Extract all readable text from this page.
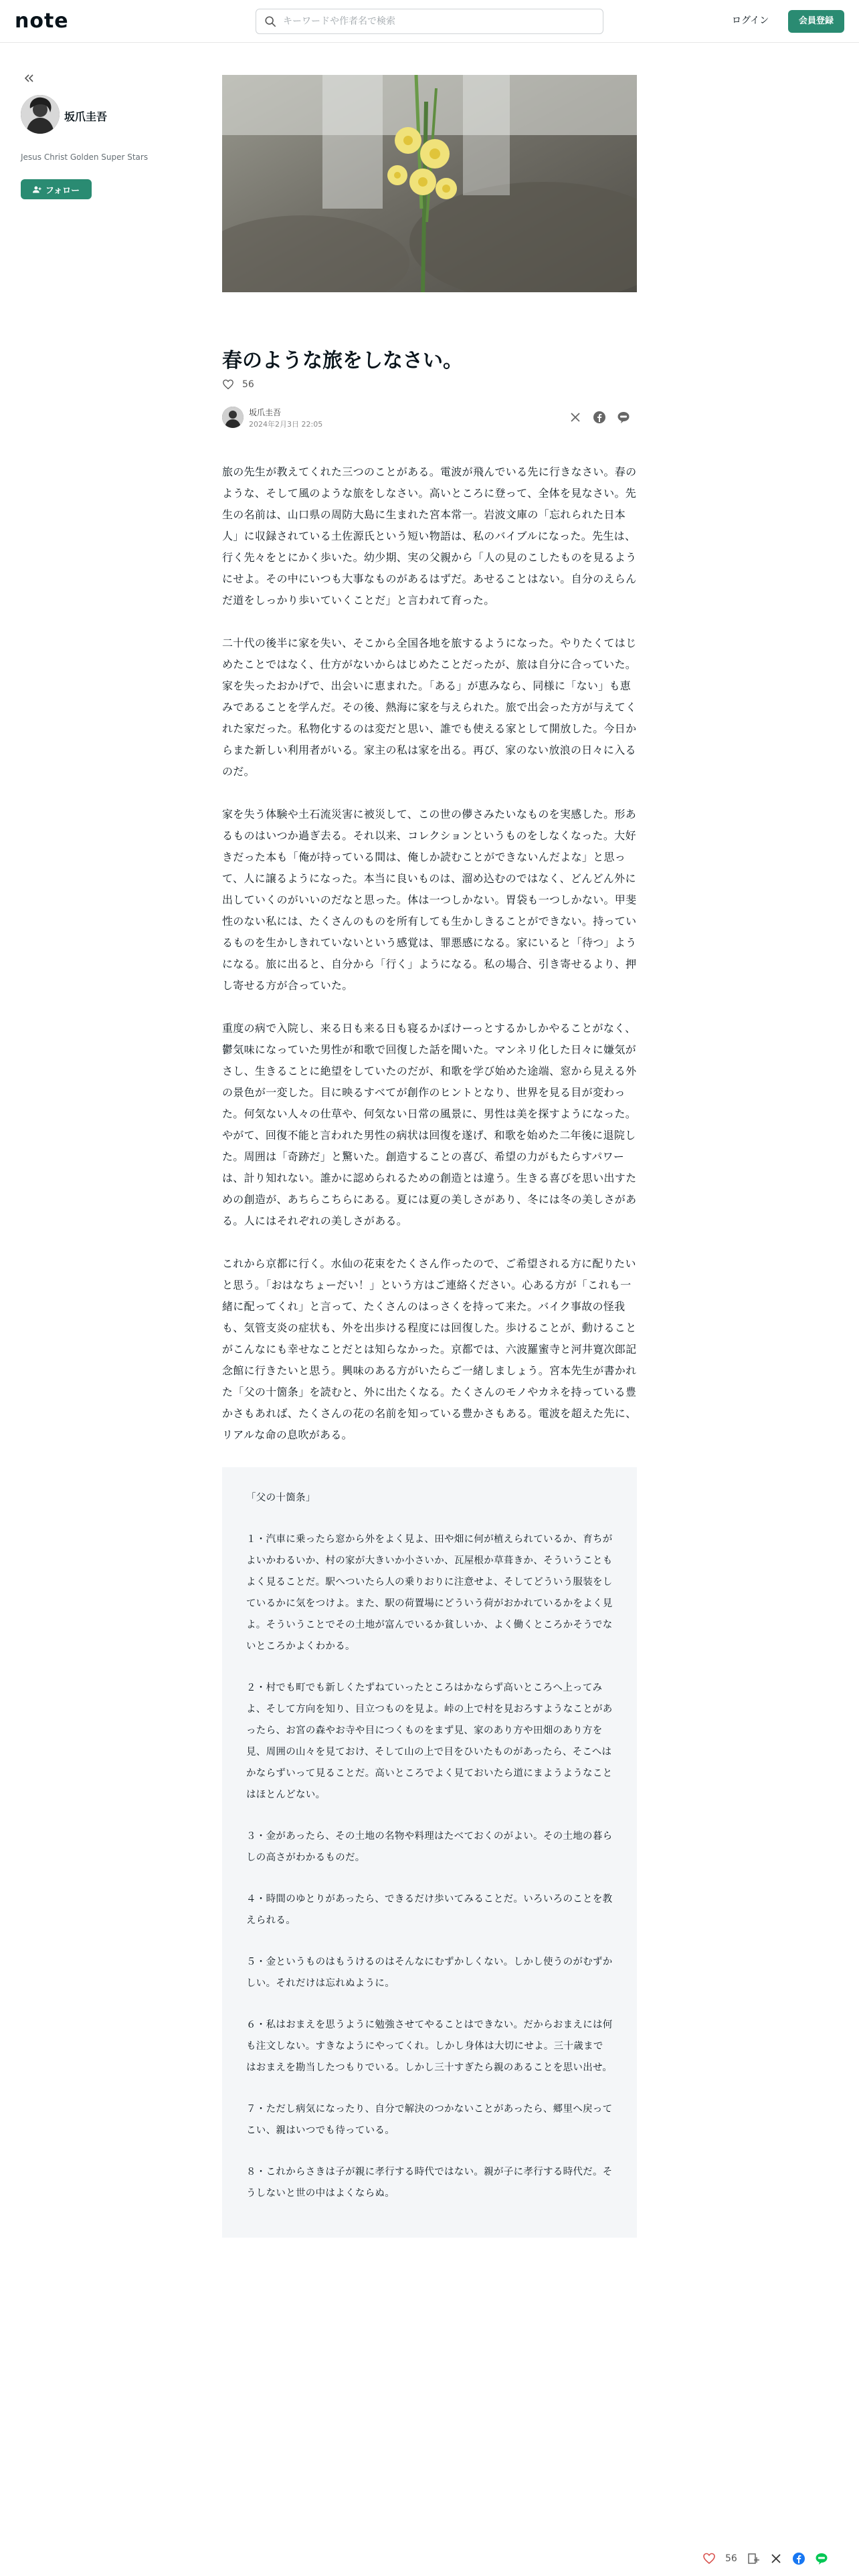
note
キーワードや作者名で検索	ログイン	会員登録
坂爪圭吾
Jesus Christ Golden Super Stars
フォロー
春のような旅をしなさい。
56
坂爪圭吾
2024年2月3日 22:05

旅の先生が教えてくれた三つのことがある。電波が飛んでいる先に行きなさい。春のような、そして風のような旅をしなさい。高いところに登って、全体を見なさい。先生の名前は、山口県の周防大島に生まれた宮本常一。岩波文庫の「忘れられた日本人」に収録されている土佐源氏という短い物語は、私のバイブルになった。先生は、行く先々をとにかく歩いた。幼少期、実の父親から「人の見のこしたものを見るようにせよ。その中にいつも大事なものがあるはずだ。あせることはない。自分のえらんだ道をしっかり歩いていくことだ」と言われて育った。

二十代の後半に家を失い、そこから全国各地を旅するようになった。やりたくてはじめたことではなく、仕方がないからはじめたことだったが、旅は自分に合っていた。家を失ったおかげで、出会いに恵まれた。「ある」が恵みなら、同様に「ない」も恵みであることを学んだ。その後、熱海に家を与えられた。旅で出会った方が与えてくれた家だった。私物化するのは変だと思い、誰でも使える家として開放した。今日からまた新しい利用者がいる。家主の私は家を出る。再び、家のない放浪の日々に入るのだ。

家を失う体験や土石流災害に被災して、この世の儚さみたいなものを実感した。形あるものはいつか過ぎ去る。それ以来、コレクションというものをしなくなった。大好きだった本も「俺が持っている間は、俺しか読むことができないんだよな」と思って、人に譲るようになった。本当に良いものは、溜め込むのではなく、どんどん外に出していくのがいいのだなと思った。体は一つしかない。胃袋も一つしかない。甲斐性のない私には、たくさんのものを所有しても生かしきることができない。持っているものを生かしきれていないという感覚は、罪悪感になる。家にいると「待つ」ようになる。旅に出ると、自分から「行く」ようになる。私の場合、引き寄せるより、押し寄せる方が合っていた。

重度の病で入院し、来る日も来る日も寝るかぼけーっとするかしかやることがなく、鬱気味になっていた男性が和歌で回復した話を聞いた。マンネリ化した日々に嫌気がさし、生きることに絶望をしていたのだが、和歌を学び始めた途端、窓から見える外の景色が一変した。目に映るすべてが創作のヒントとなり、世界を見る目が変わった。何気ない人々の仕草や、何気ない日常の風景に、男性は美を探すようになった。やがて、回復不能と言われた男性の病状は回復を遂げ、和歌を始めた二年後に退院した。周囲は「奇跡だ」と驚いた。創造することの喜び、希望の力がもたらすパワーは、計り知れない。誰かに認められるための創造とは違う。生きる喜びを思い出すための創造が、あちらこちらにある。夏には夏の美しさがあり、冬には冬の美しさがある。人にはそれぞれの美しさがある。

これから京都に行く。水仙の花束をたくさん作ったので、ご希望される方に配りたいと思う。「おはなちょーだい！」という方はご連絡ください。心ある方が「これも一緒に配ってくれ」と言って、たくさんのはっさくを持って来た。バイク事故の怪我も、気管支炎の症状も、外を出歩ける程度には回復した。歩けることが、動けることがこんなにも幸せなことだとは知らなかった。京都では、六波羅蜜寺と河井寛次郎記念館に行きたいと思う。興味のある方がいたらご一緒しましょう。宮本先生が書かれた「父の十箇条」を読むと、外に出たくなる。たくさんのモノやカネを持っている豊かさもあれば、たくさんの花の名前を知っている豊かさもある。電波を超えた先に、リアルな命の息吹がある。

「父の十箇条」

１・汽車に乗ったら窓から外をよく見よ、田や畑に何が植えられているか、育ちがよいかわるいか、村の家が大きいか小さいか、瓦屋根か草葺きか、そういうこともよく見ることだ。駅へついたら人の乗りおりに注意せよ、そしてどういう服装をしているかに気をつけよ。また、駅の荷置場にどういう荷がおかれているかをよく見よ。そういうことでその土地が富んでいるか貧しいか、よく働くところかそうでないところかよくわかる。

２・村でも町でも新しくたずねていったところはかならず高いところへ上ってみよ、そして方向を知り、目立つものを見よ。峠の上で村を見おろすようなことがあったら、お宮の森やお寺や目につくものをまず見、家のあり方や田畑のあり方を見、周囲の山々を見ておけ、そして山の上で目をひいたものがあったら、そこへはかならずいって見ることだ。高いところでよく見ておいたら道にまようようなことはほとんどない。

３・金があったら、その土地の名物や料理はたべておくのがよい。その土地の暮らしの高さがわかるものだ。

４・時間のゆとりがあったら、できるだけ歩いてみることだ。いろいろのことを教えられる。

５・金というものはもうけるのはそんなにむずかしくない。しかし使うのがむずかしい。それだけは忘れぬように。

６・私はおまえを思うように勉強させてやることはできない。だからおまえには何も注文しない。すきなようにやってくれ。しかし身体は大切にせよ。三十歳まではおまえを勘当したつもりでいる。しかし三十すぎたら親のあることを思い出せ。

７・ただし病気になったり、自分で解決のつかないことがあったら、郷里へ戻ってこい、親はいつでも待っている。

８・これからさきは子が親に孝行する時代ではない。親が子に孝行する時代だ。そうしないと世の中はよくならぬ。

56
